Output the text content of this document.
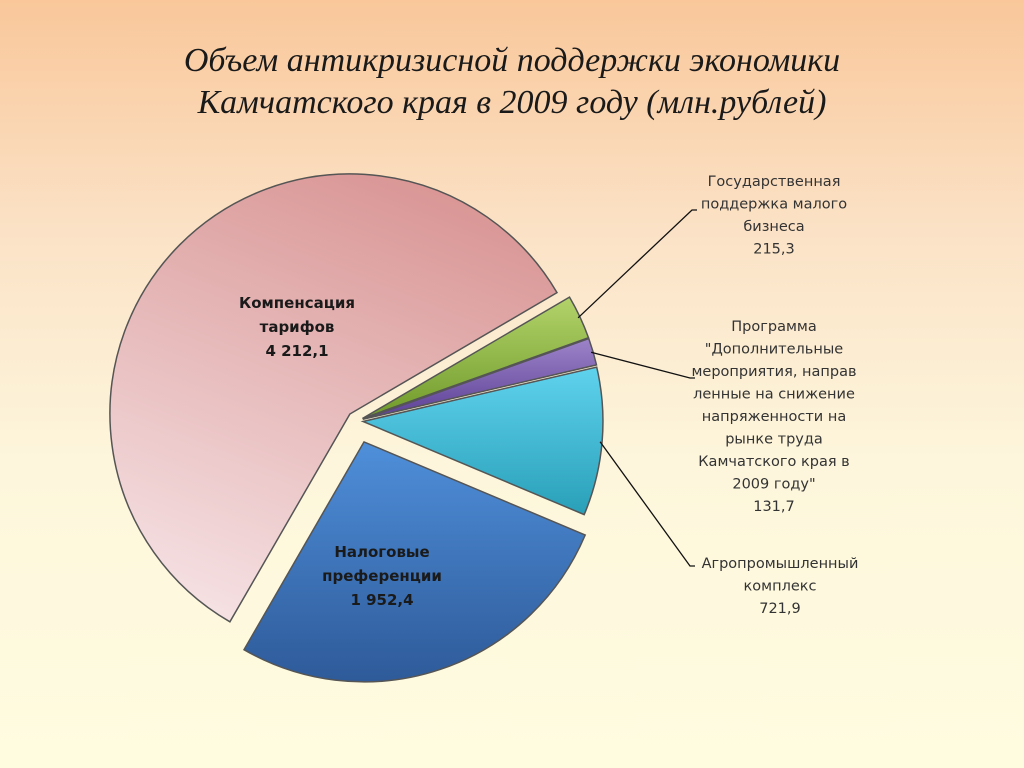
Объем антикризисной поддержки экономики
Камчатского края в 2009 году (млн.рублей)
Компенсация тарифов 4 212,1
Государственная поддержка малого бизнеса 215,3
Программа "Дополнительные мероприятия, направ ленные на снижение напряженности на рынке труда Камчатского края в 2009 году" 131,7
Агропромышленный комплекс 721,9
Налоговые преференции 1 952,4
